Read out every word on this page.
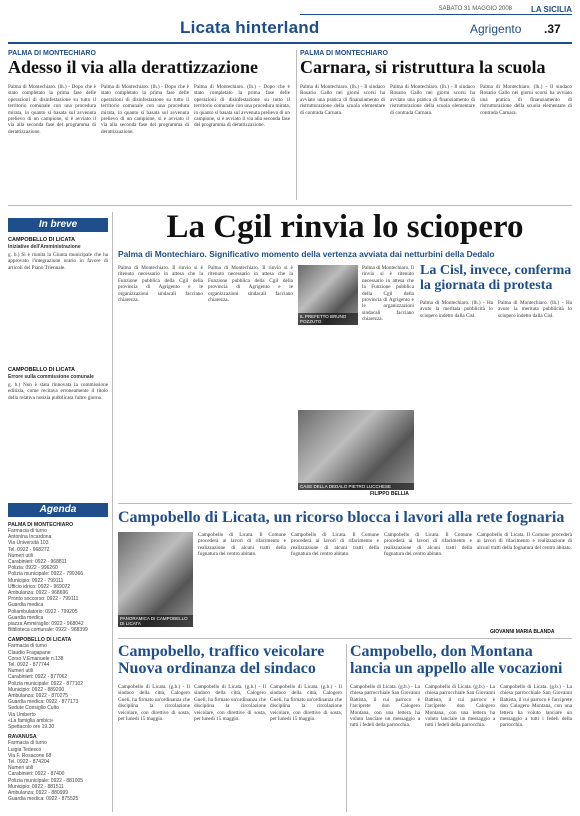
SABATO 31 MAGGIO 2008 LA SICILIA
Licata hinterland	Agrigento .37
PALMA DI MONTECHIARO
Adesso il via alla derattizzazione
Palma di Montechiaro. (lh.) - Dopo che è stato completato la prima fase delle operazioni di disinfestazione su tutto il territorio comunale con una procedura mirata, in quanto si basata sul avvenuta prelievo di un campione, si è avviato il via alla seconda fase del programma di derattizzazione.
Palma di Montechiaro. (lh.) - Dopo che è stato completato la prima fase delle operazioni di disinfestazione su tutto il territorio comunale con una procedura mirata, in quanto si basata sul avvenuta prelievo di un campione, si è avviato il via alla seconda fase del programma di derattizzazione.
Palma di Montechiaro. (lh.) - Dopo che è stato completato la prima fase delle operazioni di disinfestazione su tutto il territorio comunale con una procedura mirata, in quanto si basata sul avvenuta prelievo di un campione, si è avviato il via alla seconda fase del programma di derattizzazione.
PALMA DI MONTECHIARO
Carnara, si ristruttura la scuola
Palma di Montechiaro. (lh.) - Il sindaco Rosario Gallo nei giorni scorsi ha avviato una pratica di finanziamento di ristrutturazione della scuola elementare di contrada Carnara.
Palma di Montechiaro. (lh.) - Il sindaco Rosario Gallo nei giorni scorsi ha avviato una pratica di finanziamento di ristrutturazione della scuola elementare di contrada Carnara.
Palma di Montechiaro. (lh.) - Il sindaco Rosario Gallo nei giorni scorsi ha avviato una pratica di finanziamento di ristrutturazione della scuola elementare di contrada Carnara.
In breve
CAMPOBELLO DI LICATA
Iniziative dell'Amministrazione
g. b.) Si è riunita la Giunta municipale che ha approvato l'integrazione orario in favore di articoli del Piano Triennale.
CAMPOBELLO DI LICATA
Errore sulla commissione comunale
g. b.) Non è stata rinnovata la commissione edilizia, come recitava erroneamente il titolo della relativa notizia pubblicata l'altro giorno.
La Cgil rinvia lo sciopero
Palma di Montechiaro. Significativo momento della vertenza avviata dai netturbini della Dedalo
Palma di Montechiaro. Il rinvio si è ritenuto necessario in attesa che la Funzione pubblica della Cgil della provincia di Agrigento e le organizzazioni sindacali facciano chiarezza.
Palma di Montechiaro. Il rinvio si è ritenuto necessario in attesa che la Funzione pubblica della Cgil della provincia di Agrigento e le organizzazioni sindacali facciano chiarezza.
IL PREFETTO BRUNO POZZUTO
Palma di Montechiaro. Il rinvio si è ritenuto necessario in attesa che la Funzione pubblica della Cgil della provincia di Agrigento e le organizzazioni sindacali facciano chiarezza.
CASE DELLA DEDALO PIETRO LUCCHESE
FILIPPO BELLIA
La Cisl, invece, conferma la giornata di protesta
Palma di Montechiaro. (lh.) - Ha avuto la meritata pubblicità lo sciopero indetto dalla Cisl.
Palma di Montechiaro. (lh.) - Ha avuto la meritata pubblicità lo sciopero indetto dalla Cisl.
Agenda
PALMA DI MONTECHIARO
Farmacia di turno
Antonina Incardona
Via Università 103
Tel. 0922 - 968272
Numeri utili
Carabinieri: 0922 - 968811
Polizia: 0922 - 996260
Polizia municipale: 0922 - 799366
Municipio: 0922 - 799111
Ufficio idrico: 0922 - 969072
Ambulanza: 0922 - 968696
Pronto soccorso: 0922 - 799111
Guardia medica
Poliambulatorio: 0922 - 799205
Guardia medica
piazza Ammiraglio: 0922 - 968042
Biblioteca comunale: 0922 - 968399
CAMPOBELLO DI LICATA
Farmacia di turno
Claudio Fragapane
Corso V.Emanuele n.138
Tel. 0922 - 877744
Numeri utili
Carabinieri: 0922 - 877062
Polizia municipale: 0922 - 877102
Municipio: 0922 - 889200
Ambulanza: 0922 - 870275
Guardia medica: 0922 - 877173
Sedute Consiglio Culto
Via Umberto
«La famiglia ambici»
Spettacolo ore 19.30
RAVANUSA
Farmacia di turno
Luigia Tedesco
Via F. Rosacone 68
Tel. 0922 - 874204
Numeri utili
Carabinieri: 0922 - 87400
Polizia municipale: 0922 - 881005
Municipio: 0922 - 881511
Ambulanza: 0922 - 880999
Guardia medica: 0922 - 875525
Campobello di Licata, un ricorso blocca i lavori alla rete fognaria
PANORAMICA DI CAMPOBELLO DI LICATA
Campobello di Licata. Il Comune procederà ai lavori di rifacimento e realizzazione di alcuni tratti della fognatura del centro abitato.
Campobello di Licata. Il Comune procederà ai lavori di rifacimento e realizzazione di alcuni tratti della fognatura del centro abitato.
Campobello di Licata. Il Comune procederà ai lavori di rifacimento e realizzazione di alcuni tratti della fognatura del centro abitato.
Campobello di Licata. Il Comune procederà ai lavori di rifacimento e realizzazione di alcuni tratti della fognatura del centro abitato.
GIOVANNI MARIA BLANDA
Campobello, traffico veicolare Nuova ordinanza del sindaco
Campobello di Licata. (g.b.) - Il sindaco della città, Calogero Gueli, ha firmato un'ordinanza che disciplina la circolazione veicolare, con direttive di sosta, per lunedì 15 maggio.
Campobello di Licata. (g.b.) - Il sindaco della città, Calogero Gueli, ha firmato un'ordinanza che disciplina la circolazione veicolare, con direttive di sosta, per lunedì 15 maggio.
Campobello di Licata. (g.b.) - Il sindaco della città, Calogero Gueli, ha firmato un'ordinanza che disciplina la circolazione veicolare, con direttive di sosta, per lunedì 15 maggio.
Campobello, don Montana lancia un appello alle vocazioni
Campobello di Licata. (g.b.) - La chiesa parrocchiale San Giovanni Battista, il cui parroco è l'arciprete don Calogero Montana, con una lettera ha voluto lanciare un messaggio a tutti i fedeli della parrocchia.
Campobello di Licata. (g.b.) - La chiesa parrocchiale San Giovanni Battista, il cui parroco è l'arciprete don Calogero Montana, con una lettera ha voluto lanciare un messaggio a tutti i fedeli della parrocchia.
Campobello di Licata. (g.b.) - La chiesa parrocchiale San Giovanni Battista, il cui parroco è l'arciprete don Calogero Montana, con una lettera ha voluto lanciare un messaggio a tutti i fedeli della parrocchia.
